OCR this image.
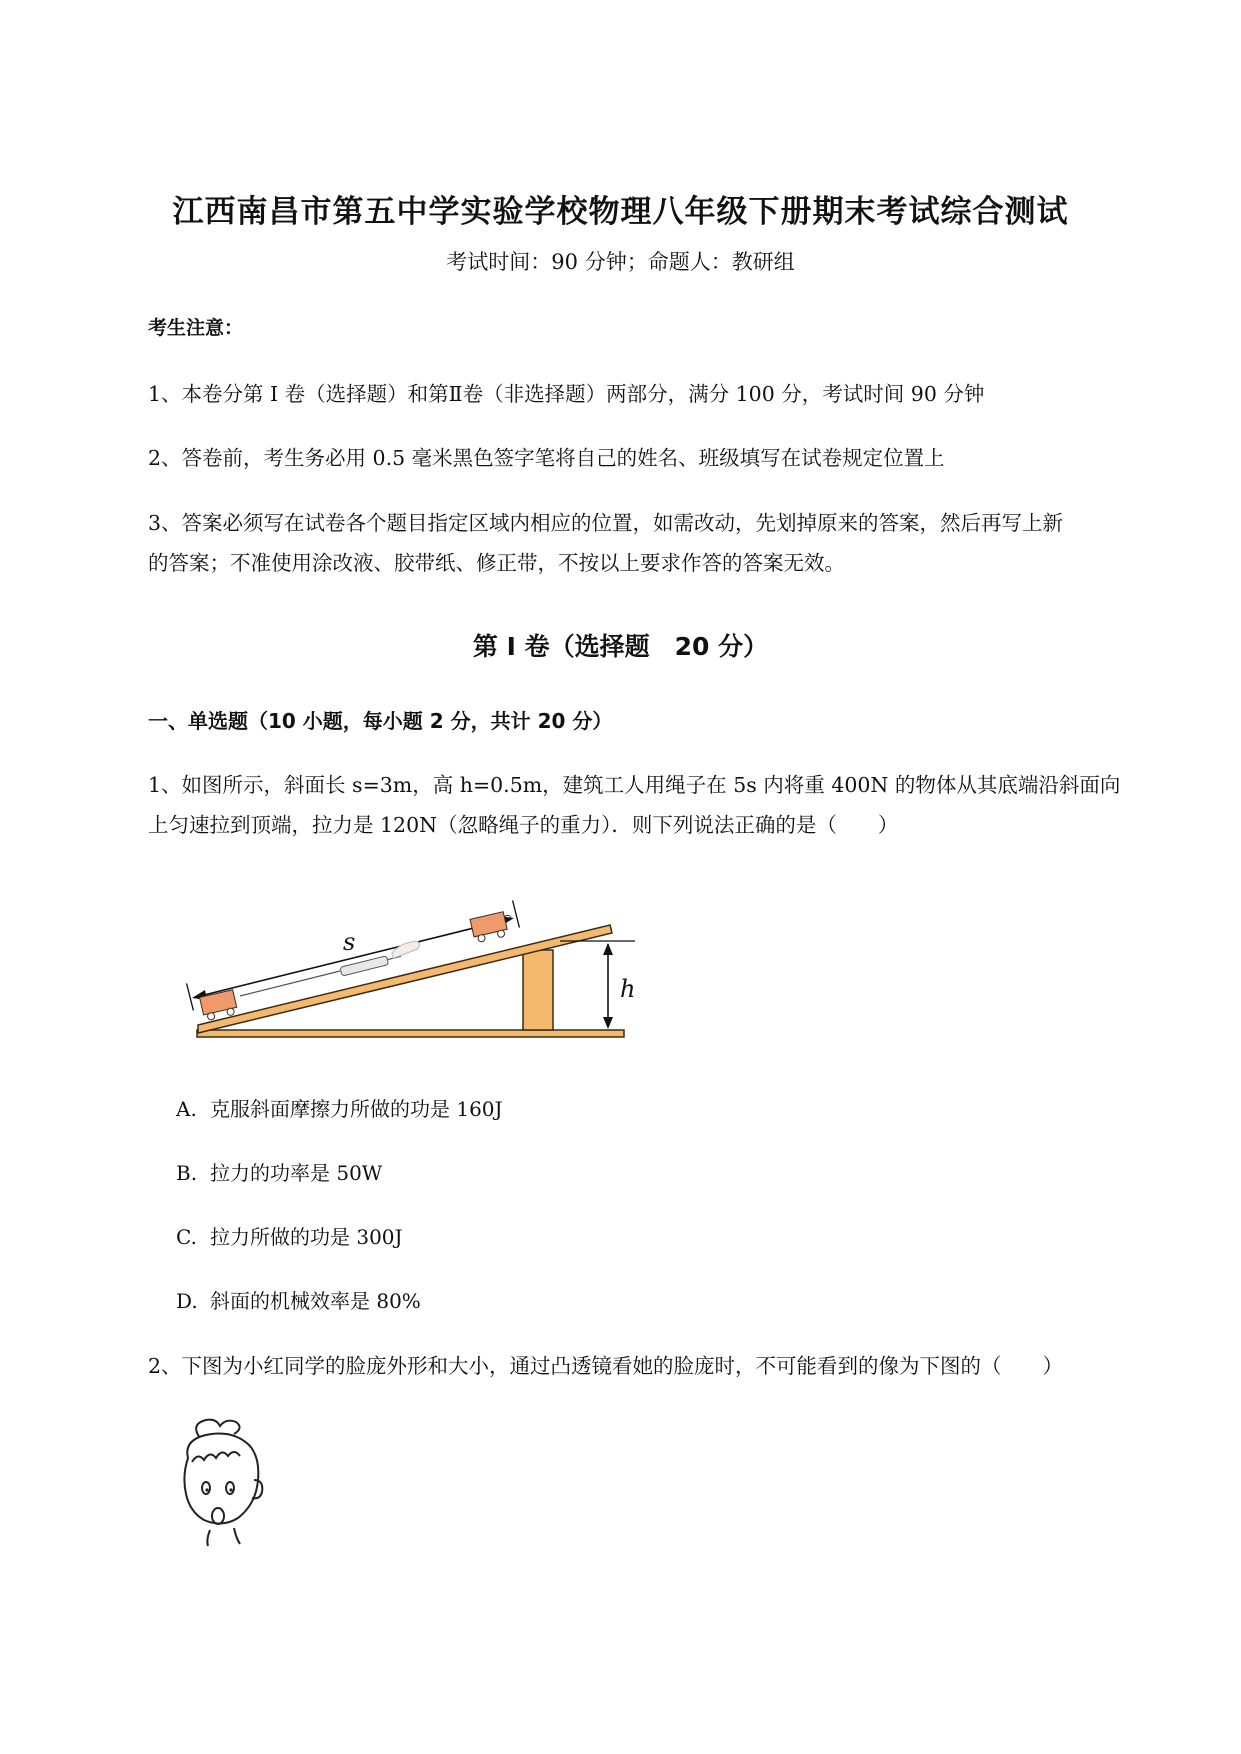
江西南昌市第五中学实验学校物理八年级下册期末考试综合测试
考试时间：90 分钟；命题人：教研组
考生注意：
1、本卷分第 I 卷（选择题）和第Ⅱ卷（非选择题）两部分，满分 100 分，考试时间 90 分钟
2、答卷前，考生务必用 0.5 毫米黑色签字笔将自己的姓名、班级填写在试卷规定位置上
3、答案必须写在试卷各个题目指定区域内相应的位置，如需改动，先划掉原来的答案，然后再写上新
的答案；不准使用涂改液、胶带纸、修正带，不按以上要求作答的答案无效。
第 I 卷（选择题　20 分）
一、单选题（10 小题，每小题 2 分，共计 20 分）
1、如图所示，斜面长 s=3m，高 h=0.5m，建筑工人用绳子在 5s 内将重 400N 的物体从其底端沿斜面向
上匀速拉到顶端，拉力是 120N（忽略绳子的重力）．则下列说法正确的是（　　）
h
s
A. 克服斜面摩擦力所做的功是 160J
B. 拉力的功率是 50W
C. 拉力所做的功是 300J
D. 斜面的机械效率是 80%
2、下图为小红同学的脸庞外形和大小，通过凸透镜看她的脸庞时，不可能看到的像为下图的（　　）
